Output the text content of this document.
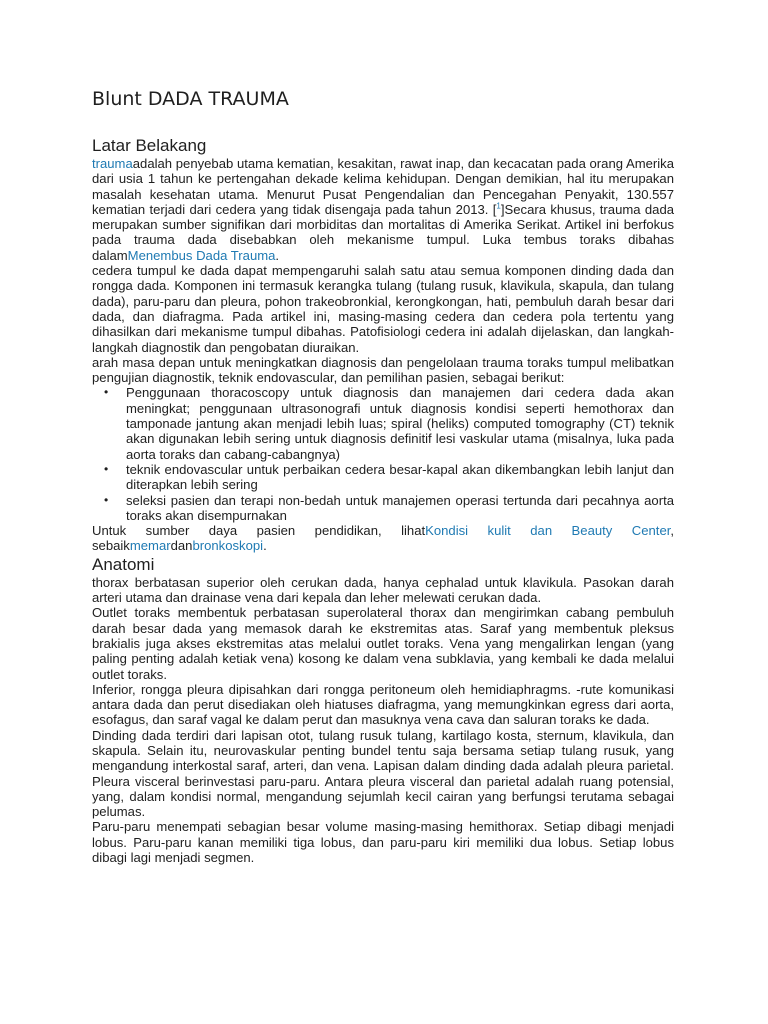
Blunt DADA TRAUMA
Latar Belakang

traumaadalah penyebab utama kematian, kesakitan, rawat inap, dan kecacatan pada orang Amerika dari usia 1 tahun ke pertengahan dekade kelima kehidupan. Dengan demikian, hal itu merupakan masalah kesehatan utama. Menurut Pusat Pengendalian dan Pencegahan Penyakit, 130.557 kematian terjadi dari cedera yang tidak disengaja pada tahun 2013. [$^1$]Secara khusus, trauma dada merupakan sumber signifikan dari morbiditas dan mortalitas di Amerika Serikat. Artikel ini berfokus pada trauma dada disebabkan oleh mekanisme tumpul. Luka tembus toraks dibahas dalamMenembus Dada Trauma.

cedera tumpul ke dada dapat mempengaruhi salah satu atau semua komponen dinding dada dan rongga dada. Komponen ini termasuk kerangka tulang (tulang rusuk, klavikula, skapula, dan tulang dada), paru-paru dan pleura, pohon trakeobronkial, kerongkongan, hati, pembuluh darah besar dari dada, dan diafragma. Pada artikel ini, masing-masing cedera dan cedera pola tertentu yang dihasilkan dari mekanisme tumpul dibahas. Patofisiologi cedera ini adalah dijelaskan, dan langkah-langkah diagnostik dan pengobatan diuraikan.

arah masa depan untuk meningkatkan diagnosis dan pengelolaan trauma toraks tumpul melibatkan pengujian diagnostik, teknik endovascular, dan pemilihan pasien, sebagai berikut:

• Penggunaan thoracoscopy untuk diagnosis dan manajemen dari cedera dada akan meningkat; penggunaan ultrasonografi untuk diagnosis kondisi seperti hemothorax dan tamponade jantung akan menjadi lebih luas; spiral (heliks) computed tomography (CT) teknik akan digunakan lebih sering untuk diagnosis definitif lesi vaskular utama (misalnya, luka pada aorta toraks dan cabang-cabangnya)
• teknik endovascular untuk perbaikan cedera besar-kapal akan dikembangkan lebih lanjut dan diterapkan lebih sering
• seleksi pasien dan terapi non-bedah untuk manajemen operasi tertunda dari pecahnya aorta toraks akan disempurnakan

Untuk sumber daya pasien pendidikan, lihatKondisi kulit dan Beauty Center, sebaikmemardanbronkoskopi.

Anatomi

thorax berbatasan superior oleh cerukan dada, hanya cephalad untuk klavikula. Pasokan darah arteri utama dan drainase vena dari kepala dan leher melewati cerukan dada.

Outlet toraks membentuk perbatasan superolateral thorax dan mengirimkan cabang pembuluh darah besar dada yang memasok darah ke ekstremitas atas. Saraf yang membentuk pleksus brakialis juga akses ekstremitas atas melalui outlet toraks. Vena yang mengalirkan lengan (yang paling penting adalah ketiak vena) kosong ke dalam vena subklavia, yang kembali ke dada melalui outlet toraks.

Inferior, rongga pleura dipisahkan dari rongga peritoneum oleh hemidiaphragms. -rute komunikasi antara dada dan perut disediakan oleh hiatuses diafragma, yang memungkinkan egress dari aorta, esofagus, dan saraf vagal ke dalam perut dan masuknya vena cava dan saluran toraks ke dada.

Dinding dada terdiri dari lapisan otot, tulang rusuk tulang, kartilago kosta, sternum, klavikula, dan skapula. Selain itu, neurovaskular penting bundel tentu saja bersama setiap tulang rusuk, yang mengandung interkostal saraf, arteri, dan vena. Lapisan dalam dinding dada adalah pleura parietal. Pleura visceral berinvestasi paru-paru. Antara pleura visceral dan parietal adalah ruang potensial, yang, dalam kondisi normal, mengandung sejumlah kecil cairan yang berfungsi terutama sebagai pelumas.

Paru-paru menempati sebagian besar volume masing-masing hemithorax. Setiap dibagi menjadi lobus. Paru-paru kanan memiliki tiga lobus, dan paru-paru kiri memiliki dua lobus. Setiap lobus dibagi lagi menjadi segmen.
